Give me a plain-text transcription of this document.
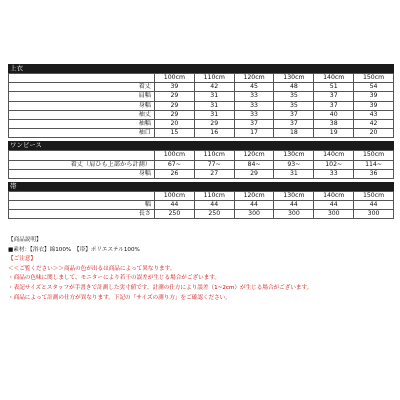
上衣
	100cm	110cm	120cm	130cm	140cm	150cm
着丈	39	42	45	48	51	54
肩幅	29	31	33	35	37	39
身幅	29	31	33	35	37	39
袖丈	29	31	33	37	40	43
袖幅	20	29	37	37	38	42
袖口	15	16	17	18	19	20
ワンピース
	100cm	110cm	120cm	130cm	140cm	150cm
着丈（肩ひも上部から計測）	67~	77~	84~	93~	102~	114~
身幅	26	27	29	31	33	36
帯
	100cm	110cm	120cm	130cm	140cm	150cm
幅	44	44	44	44	44	44
長さ	250	250	300	300	300	300
【商品説明】
■素材：【浴衣】綿100%　【帯】ポリエステル100%
【ご注意】
＜＜ご覧ください＞＞商品の色が出るは商品によって異なります。
・商品の色味に関しまして、モニターにより若干の誤差が生じる場合がございます。
・表記サイズとスタッフが手書きで計測した実寸値です。計測の仕方により誤差（1~2cm）が生じる場合がございます。
・商品によって計測の仕方が異なります。下記の「サイズの測り方」をご確認ください。
